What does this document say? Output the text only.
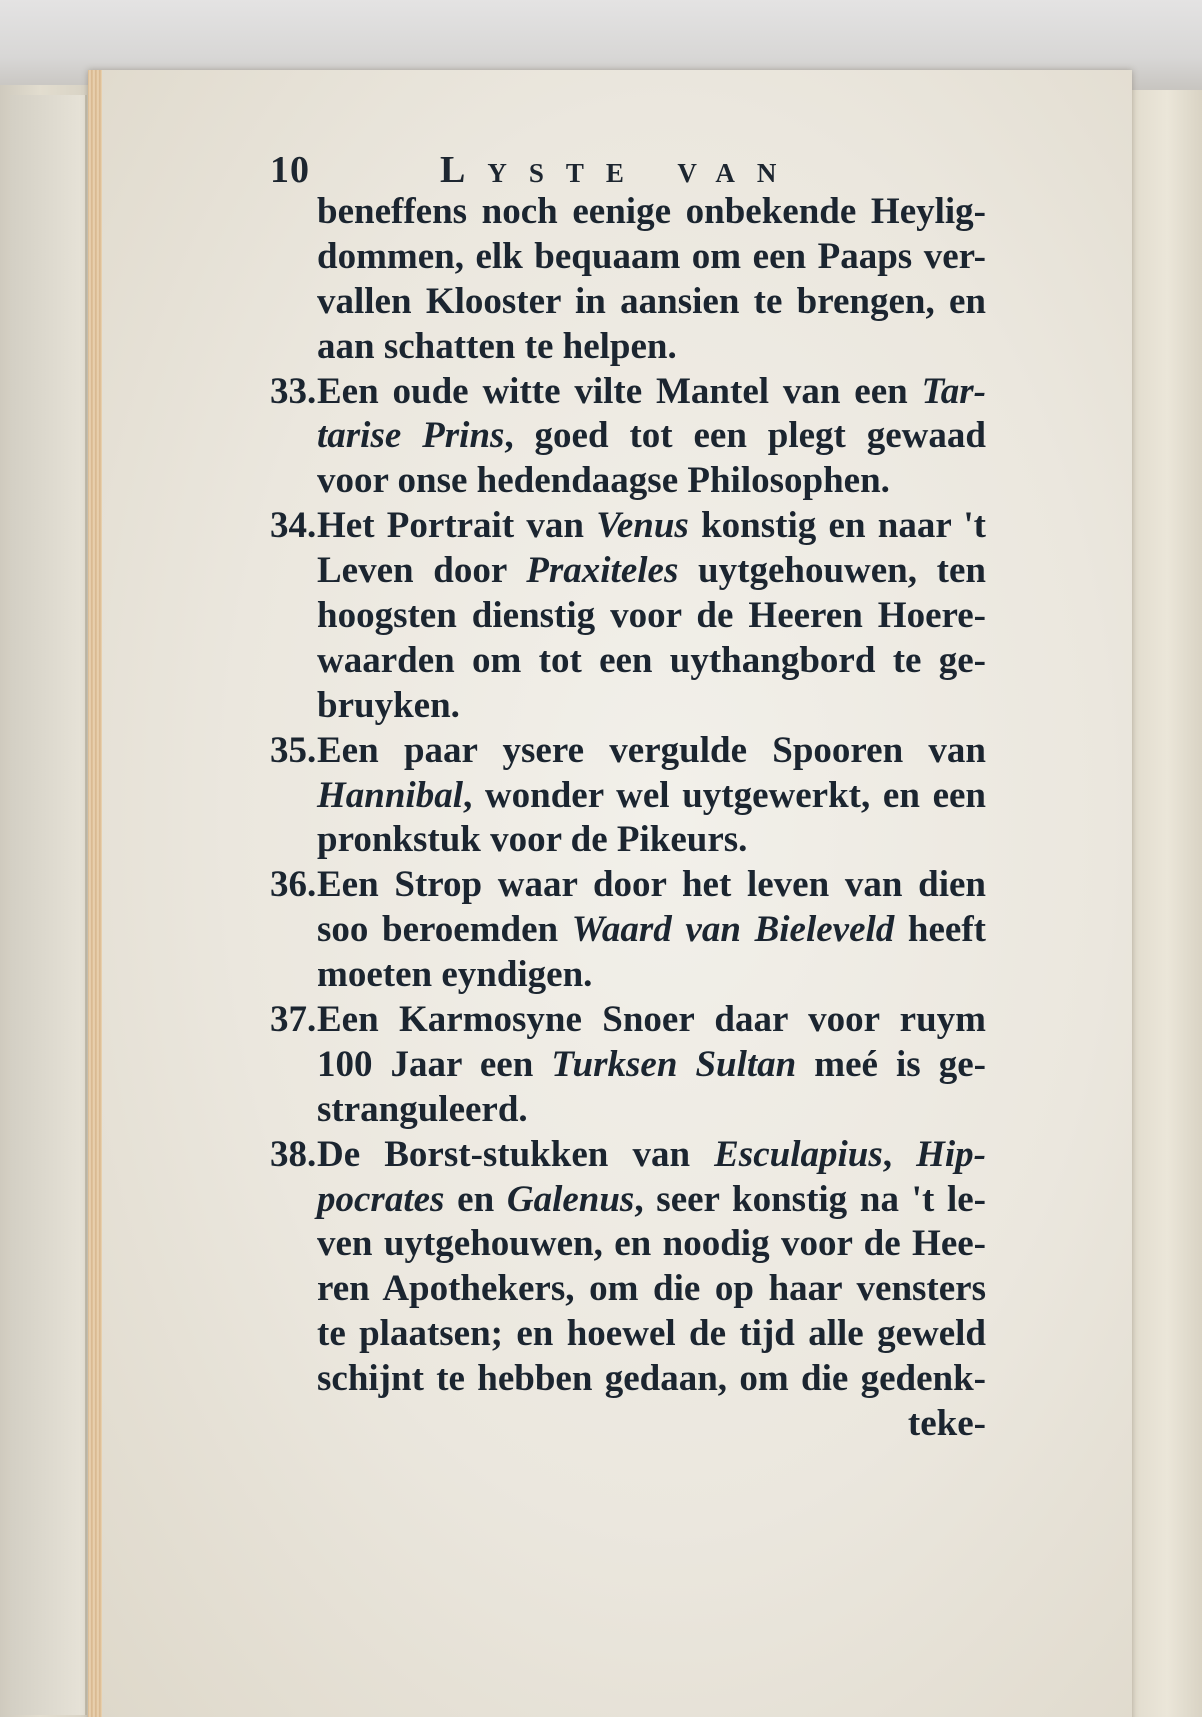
10	Lyste van
beneffens noch eenige onbekende Heylig-
dommen, elk bequaam om een Paaps ver-
vallen Klooster in aansien te brengen, en
aan schatten te helpen.
33. Een oude witte vilte Mantel van een Tar-
tarise Prins, goed tot een plegt gewaad
voor onse hedendaagse Philosophen.
34. Het Portrait van Venus konstig en naar 't
Leven door Praxiteles uytgehouwen, ten
hoogsten dienstig voor de Heeren Hoere-
waarden om tot een uythangbord te ge-
bruyken.
35. Een paar ysere vergulde Spooren van
Hannibal, wonder wel uytgewerkt, en een
pronkstuk voor de Pikeurs.
36. Een Strop waar door het leven van dien
soo beroemden Waard van Bieleveld heeft
moeten eyndigen.
37. Een Karmosyne Snoer daar voor ruym
100 Jaar een Turksen Sultan meé is ge-
stranguleerd.
38. De Borst-stukken van Esculapius, Hip-
pocrates en Galenus, seer konstig na 't le-
ven uytgehouwen, en noodig voor de Hee-
ren Apothekers, om die op haar vensters
te plaatsen; en hoewel de tijd alle geweld
schijnt te hebben gedaan, om die gedenk-
teke-
